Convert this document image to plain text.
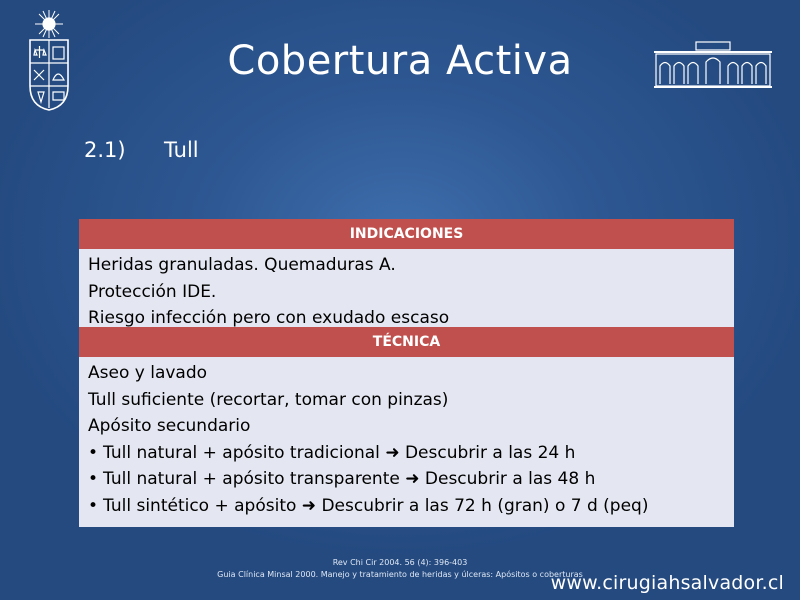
Cobertura Activa
2.1) Tull
INDICACIONES
Heridas granuladas. Quemaduras A.
Protección IDE.
Riesgo infección pero con exudado escaso
TÉCNICA
Aseo y lavado
Tull suficiente (recortar, tomar con pinzas)
Apósito secundario
• Tull natural + apósito tradicional ➜ Descubrir a las 24 h
• Tull natural + apósito transparente ➜ Descubrir a las 48 h
• Tull sintético + apósito ➜ Descubrir a las 72 h (gran) o 7 d (peq)
Rev Chi Cir 2004. 56 (4): 396-403
Guia Clínica Minsal 2000. Manejo y tratamiento de heridas y úlceras: Apósitos o coberturas
www.cirugiahsalvador.cl
